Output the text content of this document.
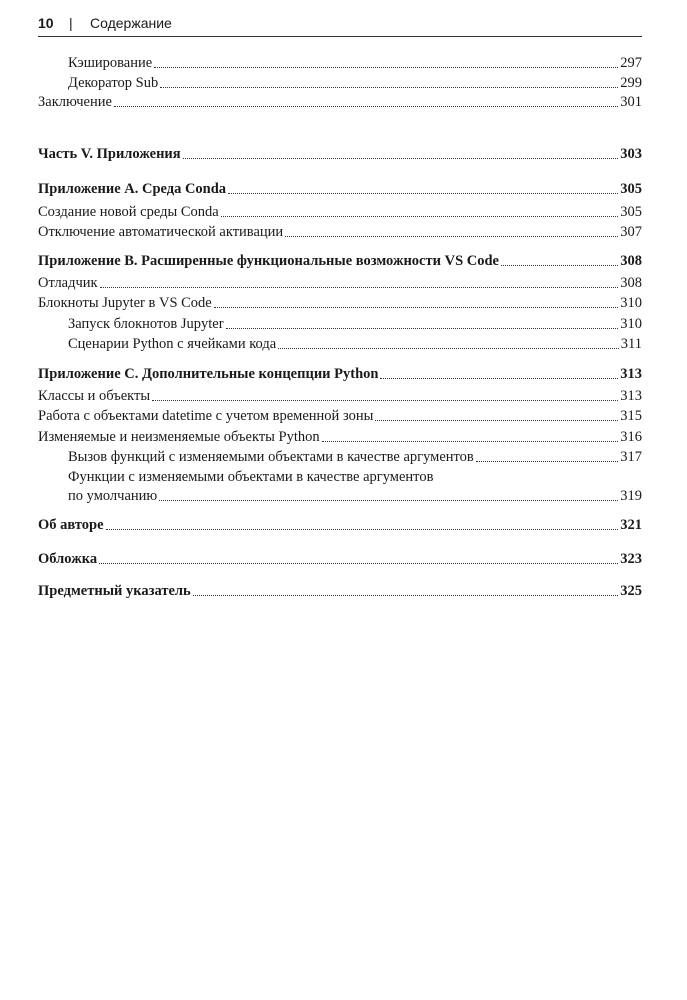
10 | Содержание
Кэширование	297
Декоратор Sub	299
Заключение	301
Часть V. Приложения	303
Приложение A. Среда Conda	305
Создание новой среды Conda	305
Отключение автоматической активации	307
Приложение B. Расширенные функциональные возможности VS Code	308
Отладчик	308
Блокноты Jupyter в VS Code	310
Запуск блокнотов Jupyter	310
Сценарии Python с ячейками кода	311
Приложение C. Дополнительные концепции Python	313
Классы и объекты	313
Работа с объектами datetime с учетом временной зоны	315
Изменяемые и неизменяемые объекты Python	316
Вызов функций с изменяемыми объектами в качестве аргументов	317
Функции с изменяемыми объектами в качестве аргументов
по умолчанию	319
Об авторе	321
Обложка	323
Предметный указатель	325
